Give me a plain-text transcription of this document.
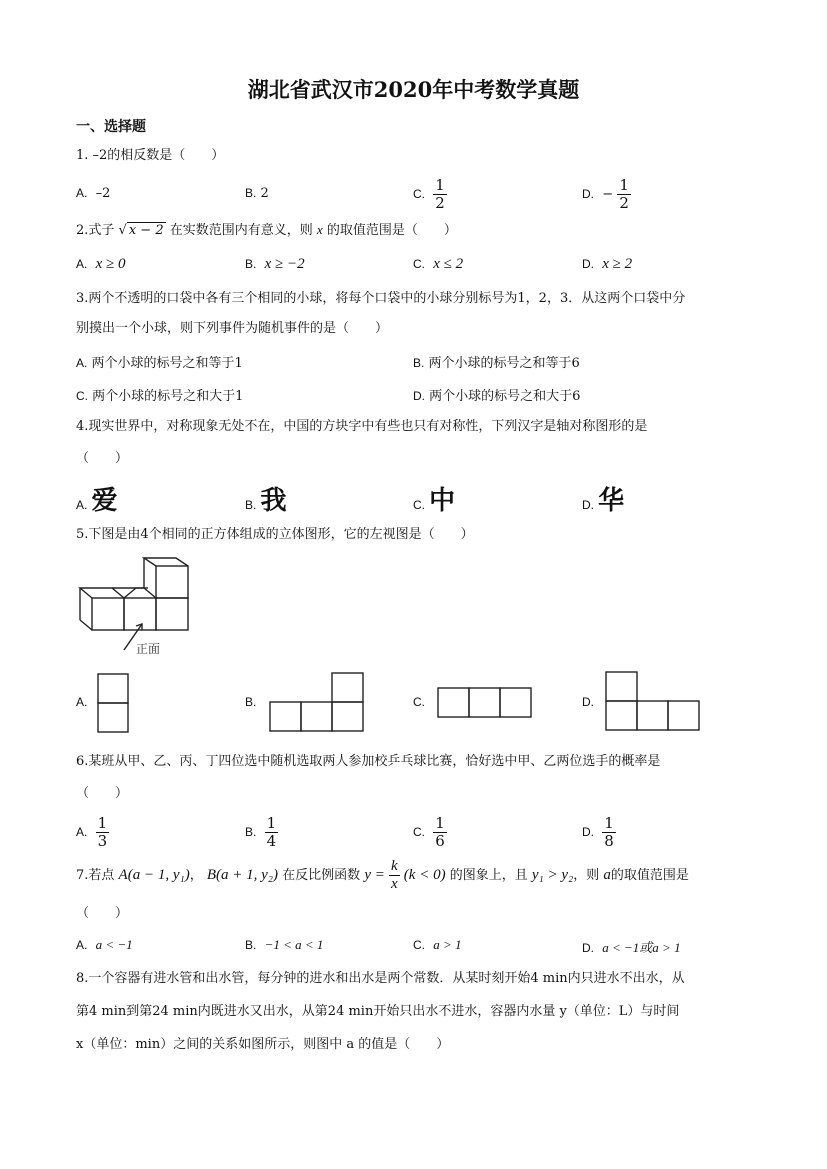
湖北省武汉市2020年中考数学真题
一、选择题
1. –2的相反数是（　　）
A. –2	B. 2	C. $\frac{1}{2}$	D. − $\frac{1}{2}$
2.式子 √ x − 2 在实数范围内有意义，则 x 的取值范围是（　　）
A. x ≥ 0	B. x ≥ −2	C. x ≤ 2	D. x ≥ 2
3.两个不透明的口袋中各有三个相同的小球，将每个口袋中的小球分别标号为1，2，3．从这两个口袋中分
别摸出一个小球，则下列事件为随机事件的是（　　）
A. 两个小球的标号之和等于1	B. 两个小球的标号之和等于6
C. 两个小球的标号之和大于1	D. 两个小球的标号之和大于6
4.现实世界中，对称现象无处不在，中国的方块字中有些也只有对称性，下列汉字是轴对称图形的是
（　　）
A. 爱	B. 我	C. 中	D. 华
5.下图是由4个相同的正方体组成的立体图形，它的左视图是（　　）
正面
A.	B.	C.	D.
6.某班从甲、乙、丙、丁四位选中随机选取两人参加校乒乓球比赛，恰好选中甲、乙两位选手的概率是
（　　）
A. $\frac{1}{3}$	B. $\frac{1}{4}$	C. $\frac{1}{6}$	D. $\frac{1}{8}$
7.若点 A(a − 1, y₁)， B(a + 1, y₂) 在反比例函数 $y = \frac{k}{x} (k < 0)$ 的图象上，且 y₁ > y₂，则 a的取值范围是
（　　）
A. a < −1	B. −1 < a < 1	C. a > 1	D. a < −1或a > 1
8.一个容器有进水管和出水管，每分钟的进水和出水是两个常数．从某时刻开始4 min内只进水不出水，从
第4 min到第24 min内既进水又出水，从第24 min开始只出水不进水，容器内水量 y（单位：L）与时间
x（单位：min）之间的关系如图所示，则图中 a 的值是（　　）
